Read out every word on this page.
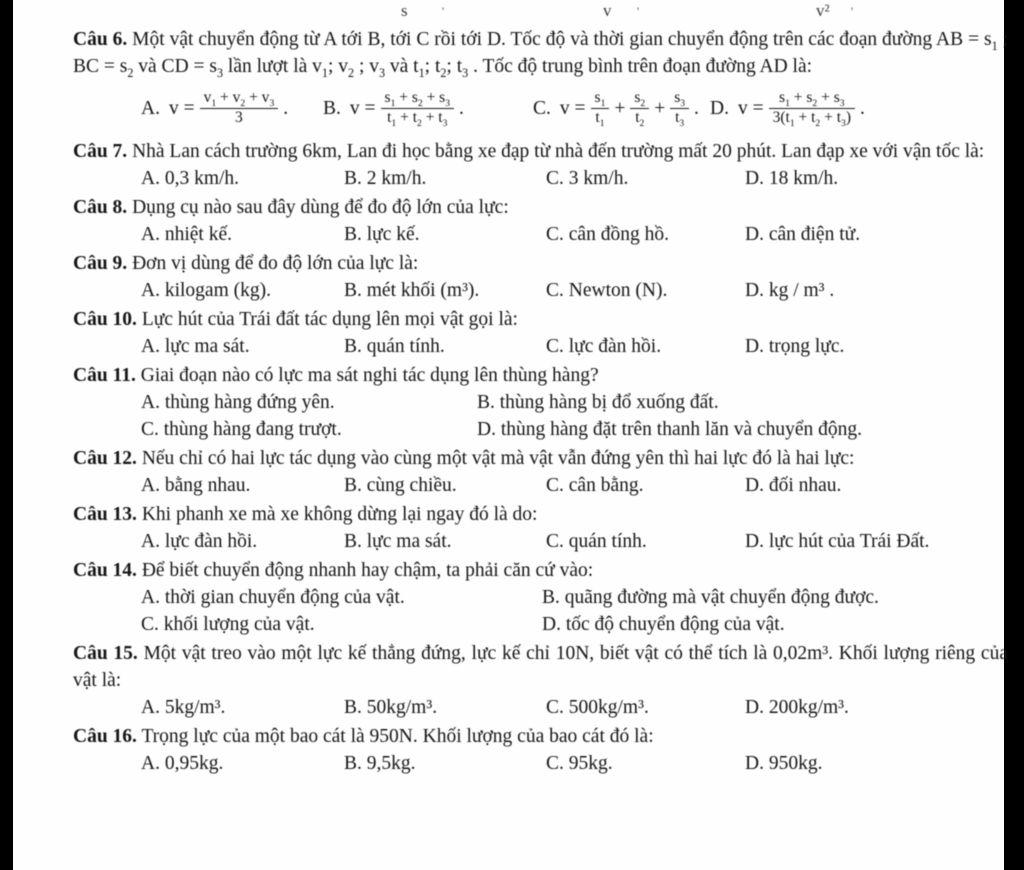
s	'	v '	v² '
Câu 6. Một vật chuyển động từ A tới B, tới C rồi tới D. Tốc độ và thời gian chuyển động trên các đoạn đường AB = $s_1$ ; BC = $s_2$ và CD = $s_3$ lần lượt là $v_1$; $v_2$ ; $v_3$ và $t_1$; $t_2$; $t_3$ . Tốc độ trung bình trên đoạn đường AD là:
A. $v = \frac{v_1 + v_2 + v_3}{3}$ . B. $v = \frac{s_1 + s_2 + s_3}{t_1 + t_2 + t_3}$ .	C. $v = \frac{s_1}{t_1} + \frac{s_2}{t_2} + \frac{s_3}{t_3}$ . D. $v = \frac{s_1 + s_2 + s_3}{3(t_1 + t_2 + t_3)}$ .
Câu 7. Nhà Lan cách trường 6km, Lan đi học bằng xe đạp từ nhà đến trường mất 20 phút. Lan đạp xe với vận tốc là:
A. 0,3 km/h.	B. 2 km/h.	C. 3 km/h.	D. 18 km/h.
Câu 8. Dụng cụ nào sau đây dùng để đo độ lớn của lực:
A. nhiệt kế.	B. lực kế.	C. cân đồng hồ.	D. cân điện tử.
Câu 9. Đơn vị dùng để đo độ lớn của lực là:
A. kilogam (kg).	B. mét khối (m³).	C. Newton (N).	D. kg / m³ .
Câu 10. Lực hút của Trái đất tác dụng lên mọi vật gọi là:
A. lực ma sát.	B. quán tính.	C. lực đàn hồi.	D. trọng lực.
Câu 11. Giai đoạn nào có lực ma sát nghi tác dụng lên thùng hàng?
A. thùng hàng đứng yên.	B. thùng hàng bị đổ xuống đất.
C. thùng hàng đang trượt.	D. thùng hàng đặt trên thanh lăn và chuyển động.
Câu 12. Nếu chỉ có hai lực tác dụng vào cùng một vật mà vật vẫn đứng yên thì hai lực đó là hai lực:
A. bằng nhau.	B. cùng chiều.	C. cân bằng.	D. đối nhau.
Câu 13. Khi phanh xe mà xe không dừng lại ngay đó là do:
A. lực đàn hồi.	B. lực ma sát.	C. quán tính.	D. lực hút của Trái Đất.
Câu 14. Để biết chuyển động nhanh hay chậm, ta phải căn cứ vào:
A. thời gian chuyển động của vật.	B. quãng đường mà vật chuyển động được.
C. khối lượng của vật.	D. tốc độ chuyển động của vật.
Câu 15. Một vật treo vào một lực kế thẳng đứng, lực kế chỉ 10N, biết vật có thể tích là 0,02m³. Khối lượng riêng của vật là:
A. 5kg/m³.	B. 50kg/m³.	C. 500kg/m³.	D. 200kg/m³.
Câu 16. Trọng lực của một bao cát là 950N. Khối lượng của bao cát đó là:
A. 0,95kg.	B. 9,5kg.	C. 95kg.	D. 950kg.
